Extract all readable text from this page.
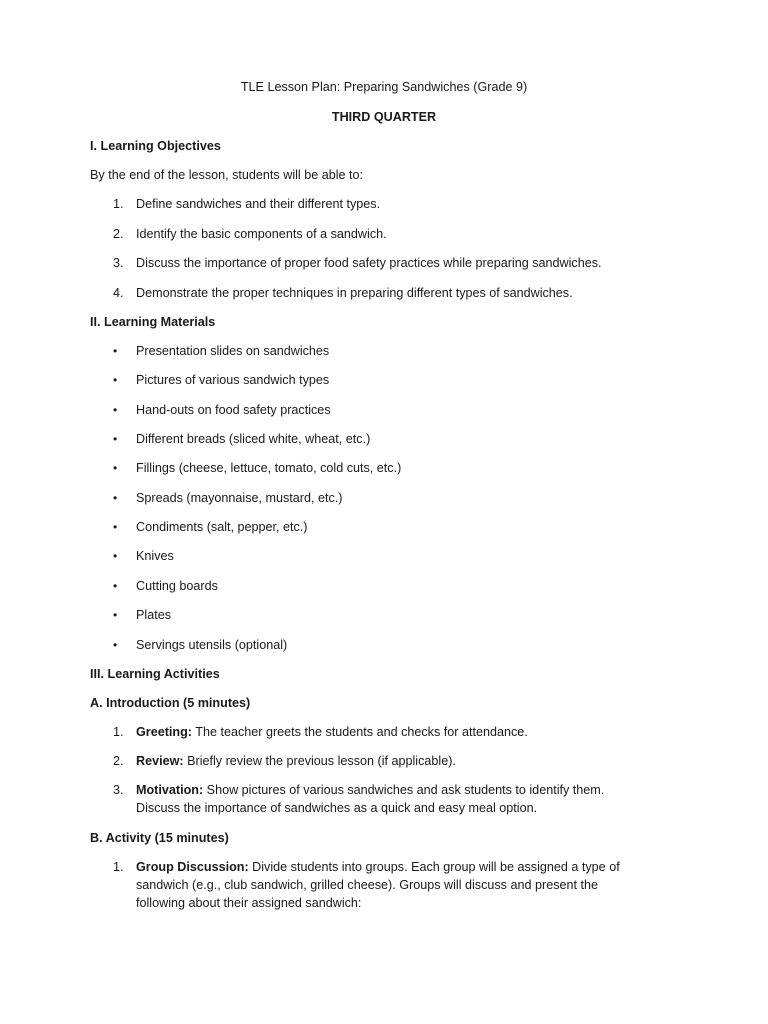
TLE Lesson Plan: Preparing Sandwiches (Grade 9)
THIRD QUARTER
I. Learning Objectives
By the end of the lesson, students will be able to:
1. Define sandwiches and their different types.
2. Identify the basic components of a sandwich.
3. Discuss the importance of proper food safety practices while preparing sandwiches.
4. Demonstrate the proper techniques in preparing different types of sandwiches.
II. Learning Materials
•	Presentation slides on sandwiches
•	Pictures of various sandwich types
•	Hand-outs on food safety practices
•	Different breads (sliced white, wheat, etc.)
•	Fillings (cheese, lettuce, tomato, cold cuts, etc.)
•	Spreads (mayonnaise, mustard, etc.)
•	Condiments (salt, pepper, etc.)
•	Knives
•	Cutting boards
•	Plates
•	Servings utensils (optional)
III. Learning Activities
A. Introduction (5 minutes)
1. Greeting: The teacher greets the students and checks for attendance.
2. Review: Briefly review the previous lesson (if applicable).
3. Motivation: Show pictures of various sandwiches and ask students to identify them.
Discuss the importance of sandwiches as a quick and easy meal option.
B. Activity (15 minutes)
1. Group Discussion: Divide students into groups. Each group will be assigned a type of
sandwich (e.g., club sandwich, grilled cheese). Groups will discuss and present the
following about their assigned sandwich:
